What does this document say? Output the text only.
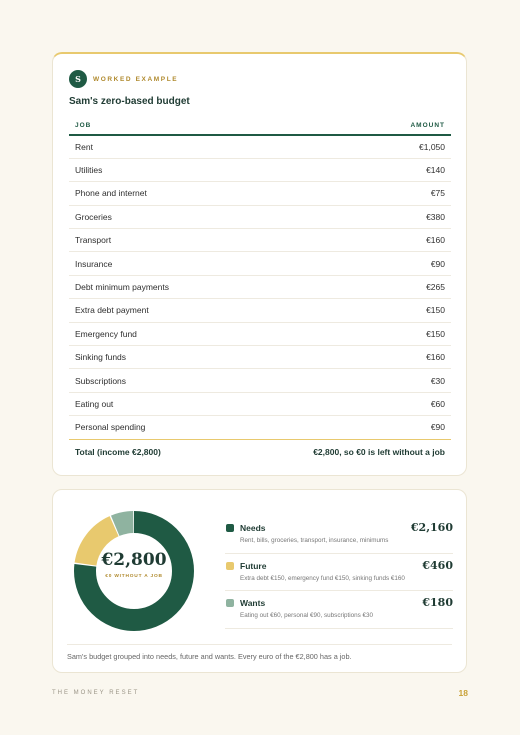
S	WORKED EXAMPLE
Sam's zero-based budget
JOB	AMOUNT
Rent	€1,050
Utilities	€140
Phone and internet	€75
Groceries	€380
Transport	€160
Insurance	€90
Debt minimum payments	€265
Extra debt payment	€150
Emergency fund	€150
Sinking funds	€160
Subscriptions	€30
Eating out	€60
Personal spending	€90
Total (income €2,800)	€2,800, so €0 is left without a job
€2,800
€0 WITHOUT A JOB
Needs	€2,160
Rent, bills, groceries, transport, insurance, minimums
Future	€460
Extra debt €150, emergency fund €150, sinking funds €160
Wants	€180
Eating out €60, personal €90, subscriptions €30
Sam's budget grouped into needs, future and wants. Every euro of the €2,800 has a job.
THE MONEY RESET	18
